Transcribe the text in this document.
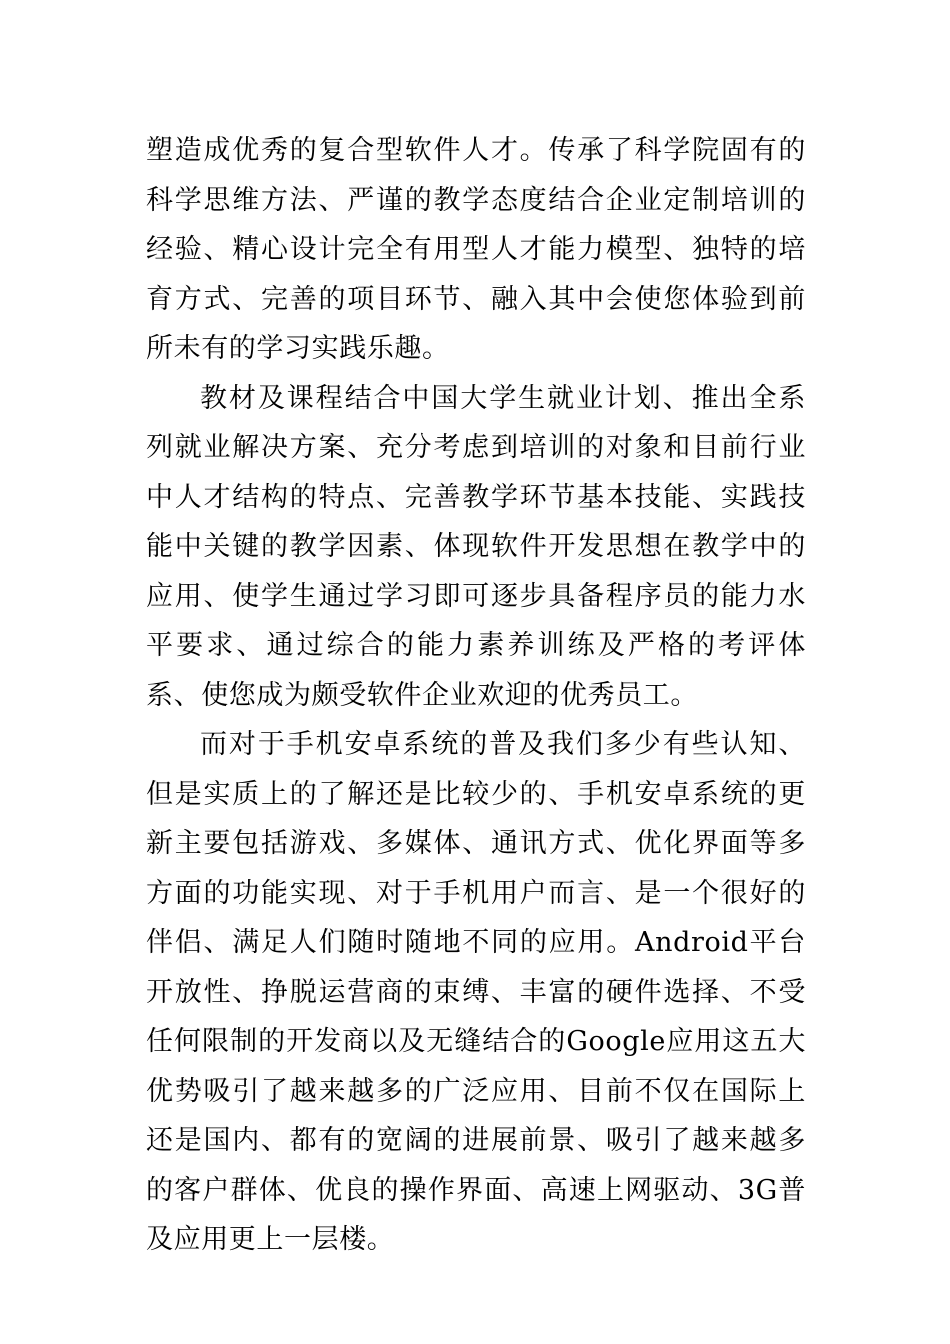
塑造成优秀的复合型软件人才。传承了科学院固有的科学思维方法、严谨的教学态度结合企业定制培训的经验、精心设计完全有用型人才能力模型、独特的培育方式、完善的项目环节、融入其中会使您体验到前所未有的学习实践乐趣。

教材及课程结合中国大学生就业计划、推出全系列就业解决方案、充分考虑到培训的对象和目前行业中人才结构的特点、完善教学环节基本技能、实践技能中关键的教学因素、体现软件开发思想在教学中的应用、使学生通过学习即可逐步具备程序员的能力水平要求、通过综合的能力素养训练及严格的考评体系、使您成为颇受软件企业欢迎的优秀员工。

而对于手机安卓系统的普及我们多少有些认知、但是实质上的了解还是比较少的、手机安卓系统的更新主要包括游戏、多媒体、通讯方式、优化界面等多方面的功能实现、对于手机用户而言、是一个很好的伴侣、满足人们随时随地不同的应用。Android平台开放性、挣脱运营商的束缚、丰富的硬件选择、不受任何限制的开发商以及无缝结合的Google应用这五大优势吸引了越来越多的广泛应用、目前不仅在国际上还是国内、都有的宽阔的进展前景、吸引了越来越多的客户群体、优良的操作界面、高速上网驱动、3G普及应用更上一层楼。
